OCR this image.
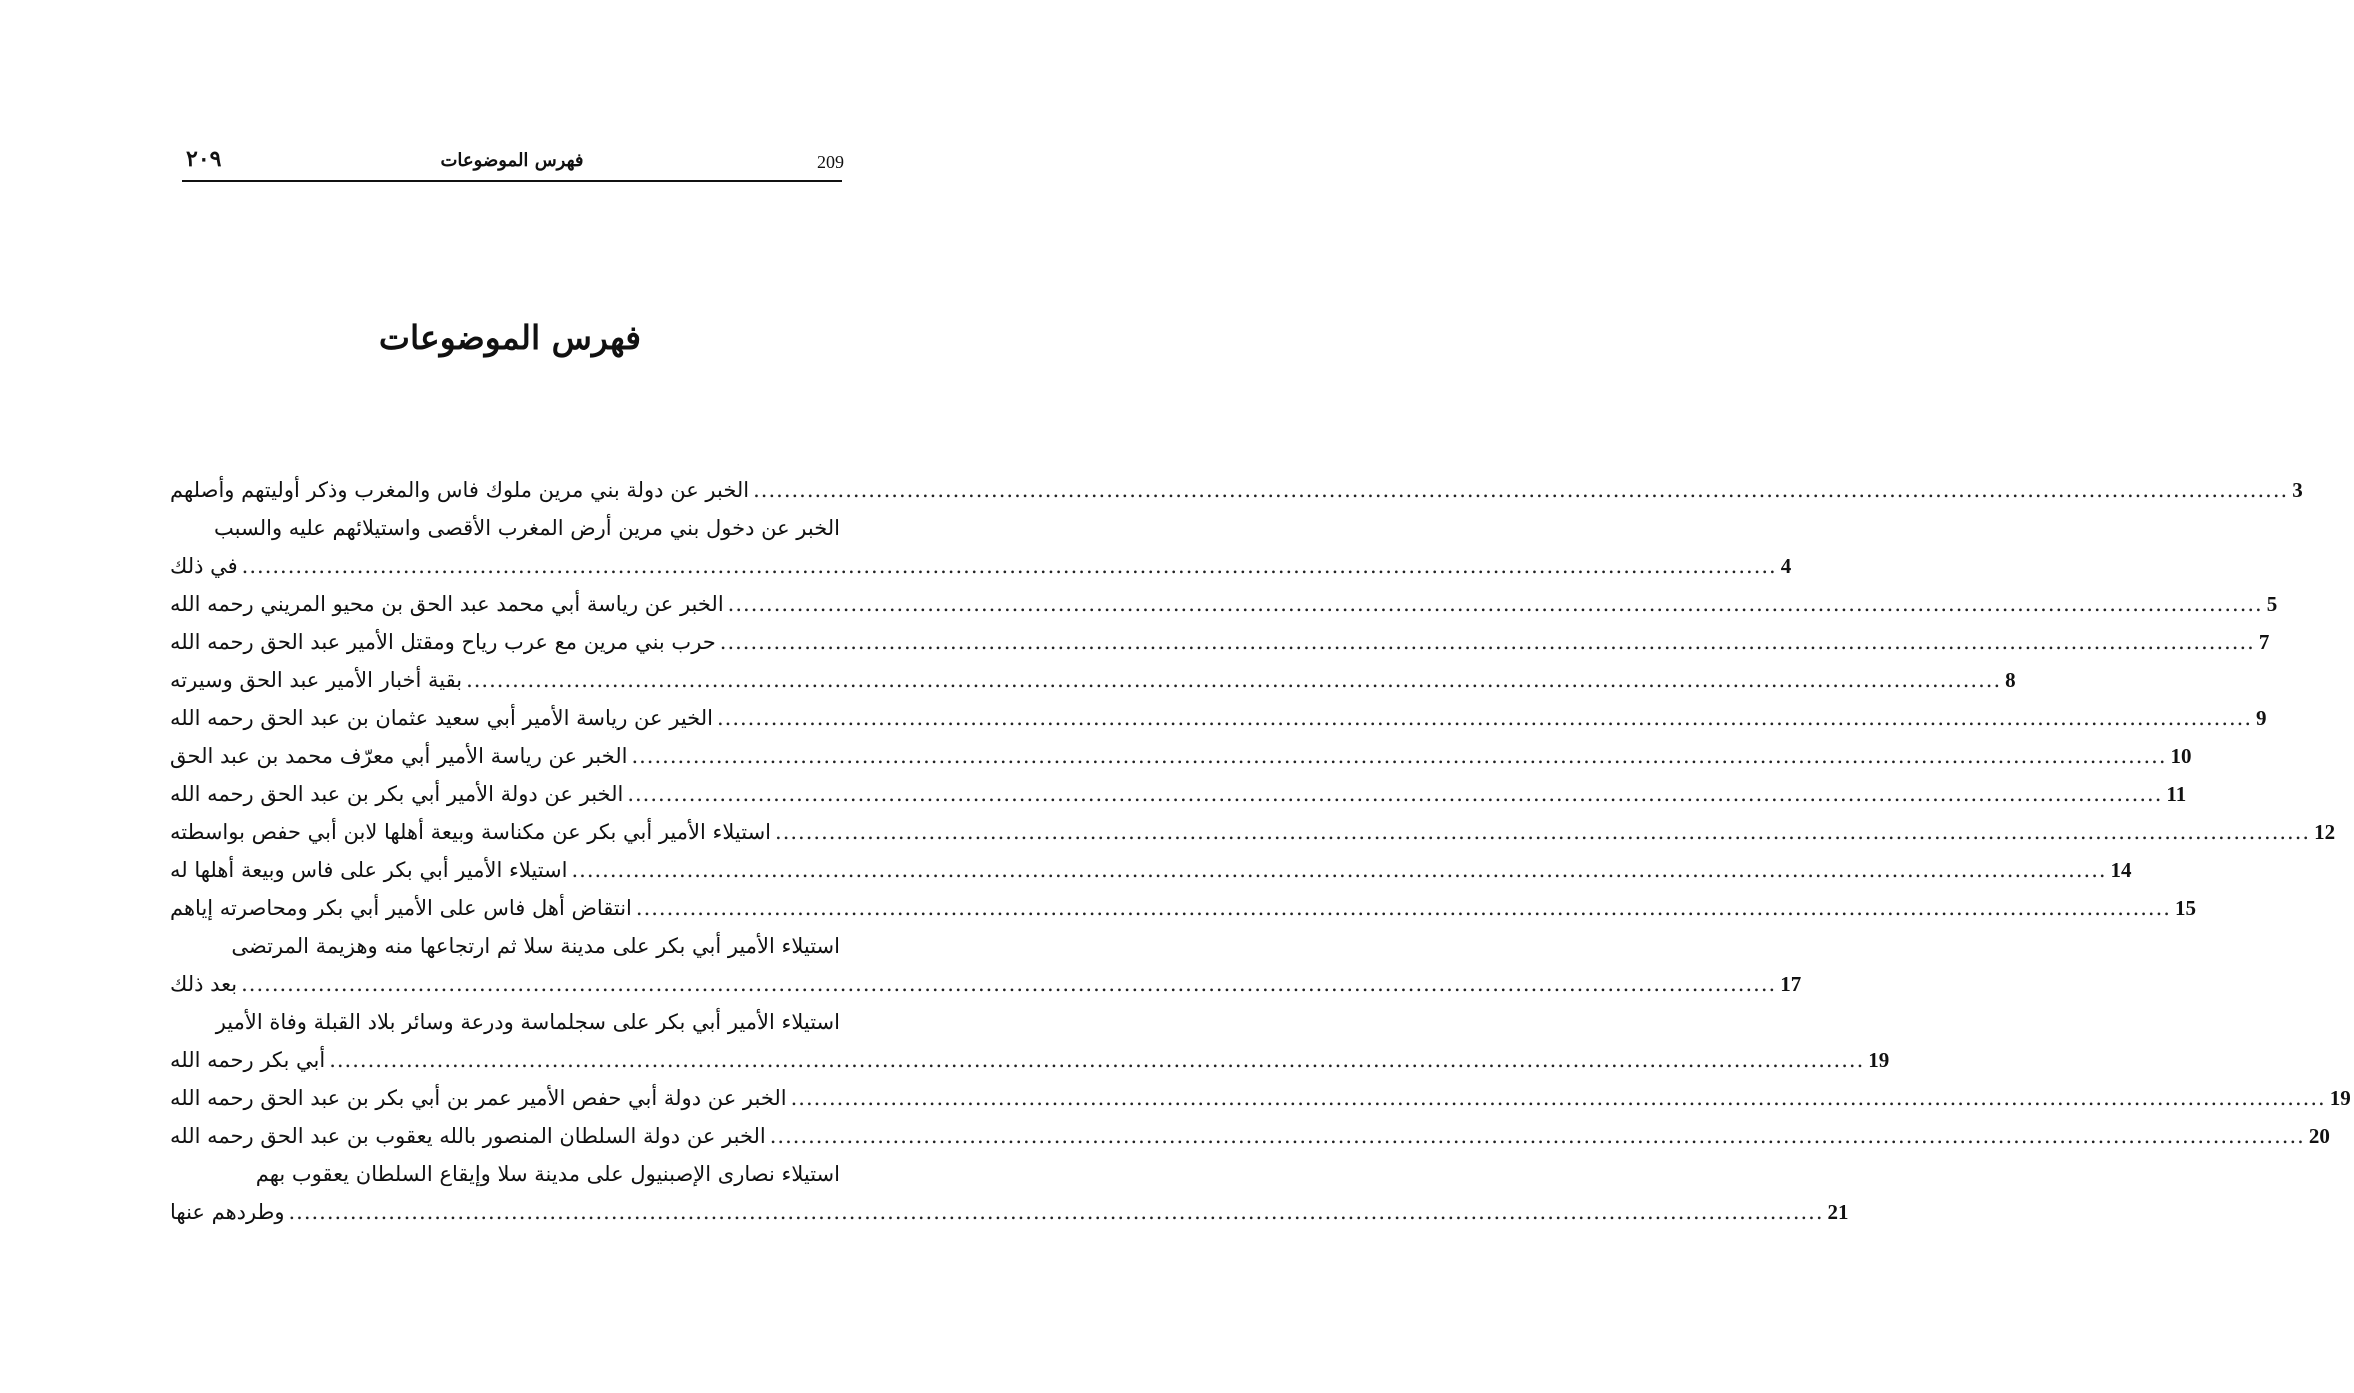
٢٠٩	فهرس الموضوعات	209
فهرس الموضوعات
الخبر عن دولة بني مرين ملوك فاس والمغرب وذكر أوليتهم وأصلهم ........................................................................................................................................................................................................ 3
الخبر عن دخول بني مرين أرض المغرب الأقصى واستيلائهم عليه والسبب
في ذلك ........................................................................................................................................................................................................ 4
الخبر عن رياسة أبي محمد عبد الحق بن محيو المريني رحمه الله ........................................................................................................................................................................................................ 5
حرب بني مرين مع عرب رياح ومقتل الأمير عبد الحق رحمه الله ........................................................................................................................................................................................................ 7
بقية أخبار الأمير عبد الحق وسيرته ........................................................................................................................................................................................................ 8
الخير عن رياسة الأمير أبي سعيد عثمان بن عبد الحق رحمه الله ........................................................................................................................................................................................................ 9
الخبر عن رياسة الأمير أبي معرّف محمد بن عبد الحق ........................................................................................................................................................................................................ 10
الخبر عن دولة الأمير أبي بكر بن عبد الحق رحمه الله ........................................................................................................................................................................................................ 11
استيلاء الأمير أبي بكر عن مكناسة وبيعة أهلها لابن أبي حفص بواسطته ........................................................................................................................................................................................................ 12
استيلاء الأمير أبي بكر على فاس وبيعة أهلها له ........................................................................................................................................................................................................ 14
انتقاض أهل فاس على الأمير أبي بكر ومحاصرته إياهم ........................................................................................................................................................................................................ 15
استيلاء الأمير أبي بكر على مدينة سلا ثم ارتجاعها منه وهزيمة المرتضى
بعد ذلك ........................................................................................................................................................................................................ 17
استيلاء الأمير أبي بكر على سجلماسة ودرعة وسائر بلاد القبلة وفاة الأمير
أبي بكر رحمه الله ........................................................................................................................................................................................................ 19
الخبر عن دولة أبي حفص الأمير عمر بن أبي بكر بن عبد الحق رحمه الله ........................................................................................................................................................................................................ 19
الخبر عن دولة السلطان المنصور بالله يعقوب بن عبد الحق رحمه الله ........................................................................................................................................................................................................ 20
استيلاء نصارى الإصبنيول على مدينة سلا وإيقاع السلطان يعقوب بهم
وطردهم عنها ........................................................................................................................................................................................................ 21
